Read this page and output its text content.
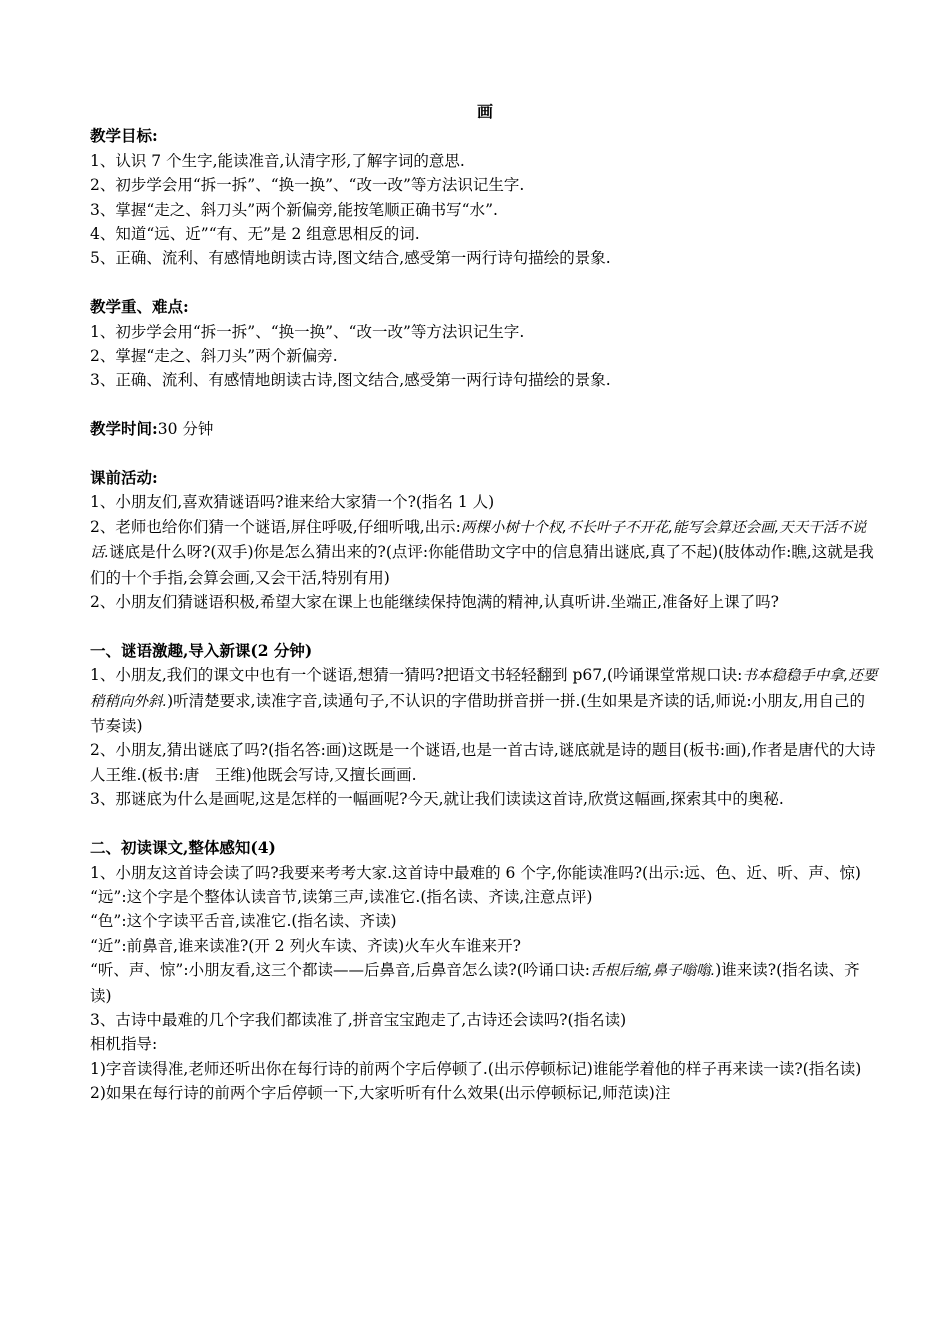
画
教学目标:
1、认识 7 个生字,能读准音,认清字形,了解字词的意思.
2、初步学会用“拆一拆”、“换一换”、“改一改”等方法识记生字.
3、掌握“走之、斜刀头”两个新偏旁,能按笔顺正确书写“水”.
4、知道“远、近”“有、无”是 2 组意思相反的词.
5、正确、流利、有感情地朗读古诗,图文结合,感受第一两行诗句描绘的景象.
教学重、难点:
1、初步学会用“拆一拆”、“换一换”、“改一改”等方法识记生字.
2、掌握“走之、斜刀头”两个新偏旁.
3、正确、流利、有感情地朗读古诗,图文结合,感受第一两行诗句描绘的景象.
教学时间:30 分钟
课前活动:
1、小朋友们,喜欢猜谜语吗?谁来给大家猜一个?(指名 1 人)
2、老师也给你们猜一个谜语,屏住呼吸,仔细听哦,出示:两棵小树十个杈,不长叶子不开花,能写会算还会画,天天干活不说话.谜底是什么呀?(双手)你是怎么猜出来的?(点评:你能借助文字中的信息猜出谜底,真了不起)(肢体动作:瞧,这就是我们的十个手指,会算会画,又会干活,特别有用)
2、小朋友们猜谜语积极,希望大家在课上也能继续保持饱满的精神,认真听讲.坐端正,准备好上课了吗?
一、谜语激趣,导入新课(2 分钟)
1、小朋友,我们的课文中也有一个谜语,想猜一猜吗?把语文书轻轻翻到 p67,(吟诵课堂常规口诀:书本稳稳手中拿,还要稍稍向外斜.)听清楚要求,读准字音,读通句子,不认识的字借助拼音拼一拼.(生如果是齐读的话,师说:小朋友,用自己的节奏读)
2、小朋友,猜出谜底了吗?(指名答:画)这既是一个谜语,也是一首古诗,谜底就是诗的题目(板书:画),作者是唐代的大诗人王维.(板书:唐　王维)他既会写诗,又擅长画画.
3、那谜底为什么是画呢,这是怎样的一幅画呢?今天,就让我们读读这首诗,欣赏这幅画,探索其中的奥秘.
二、初读课文,整体感知(4)
1、小朋友这首诗会读了吗?我要来考考大家.这首诗中最难的 6 个字,你能读准吗?(出示:远、色、近、听、声、惊)
“远”:这个字是个整体认读音节,读第三声,读准它.(指名读、齐读,注意点评)
“色”:这个字读平舌音,读准它.(指名读、齐读)
“近”:前鼻音,谁来读准?(开 2 列火车读、齐读)火车火车谁来开?
“听、声、惊”:小朋友看,这三个都读——后鼻音,后鼻音怎么读?(吟诵口诀:舌根后缩,鼻子嗡嗡.)谁来读?(指名读、齐读)
3、古诗中最难的几个字我们都读准了,拼音宝宝跑走了,古诗还会读吗?(指名读)
相机指导:
1)字音读得准,老师还听出你在每行诗的前两个字后停顿了.(出示停顿标记)谁能学着他的样子再来读一读?(指名读)
2)如果在每行诗的前两个字后停顿一下,大家听听有什么效果(出示停顿标记,师范读)注
